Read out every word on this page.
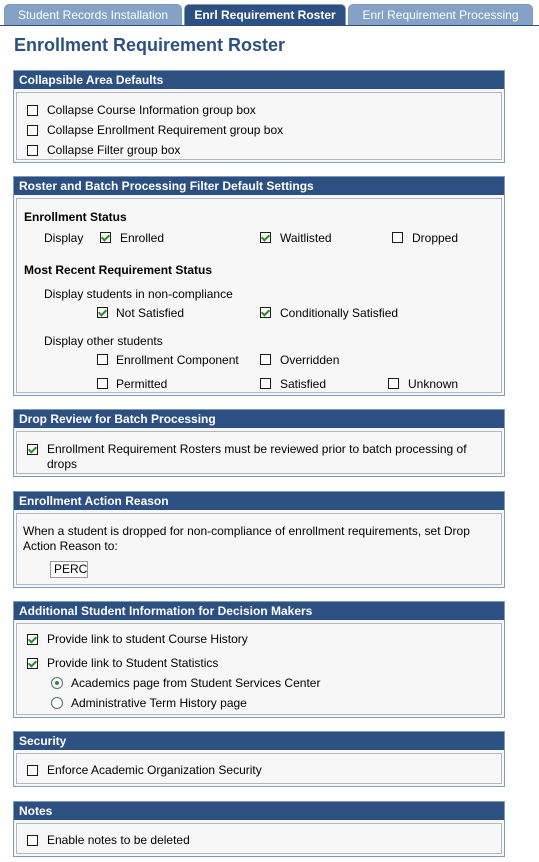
Student Records Installation	Enrl Requirement Roster	Enrl Requirement Processing
Enrollment Requirement Roster
Collapsible Area Defaults
Collapse Course Information group box
Collapse Enrollment Requirement group box
Collapse Filter group box
Roster and Batch Processing Filter Default Settings
Enrollment Status
Display	Enrolled	Waitlisted	Dropped
Most Recent Requirement Status
Display students in non-compliance
Not Satisfied	Conditionally Satisfied
Display other students
Enrollment Component	Overridden
Permitted	Satisfied	Unknown
Drop Review for Batch Processing
Enrollment Requirement Rosters must be reviewed prior to batch processing of
drops
Enrollment Action Reason
When a student is dropped for non-compliance of enrollment requirements, set Drop
Action Reason to:
PERC
Additional Student Information for Decision Makers
Provide link to student Course History
Provide link to Student Statistics
Academics page from Student Services Center
Administrative Term History page
Security
Enforce Academic Organization Security
Notes
Enable notes to be deleted
